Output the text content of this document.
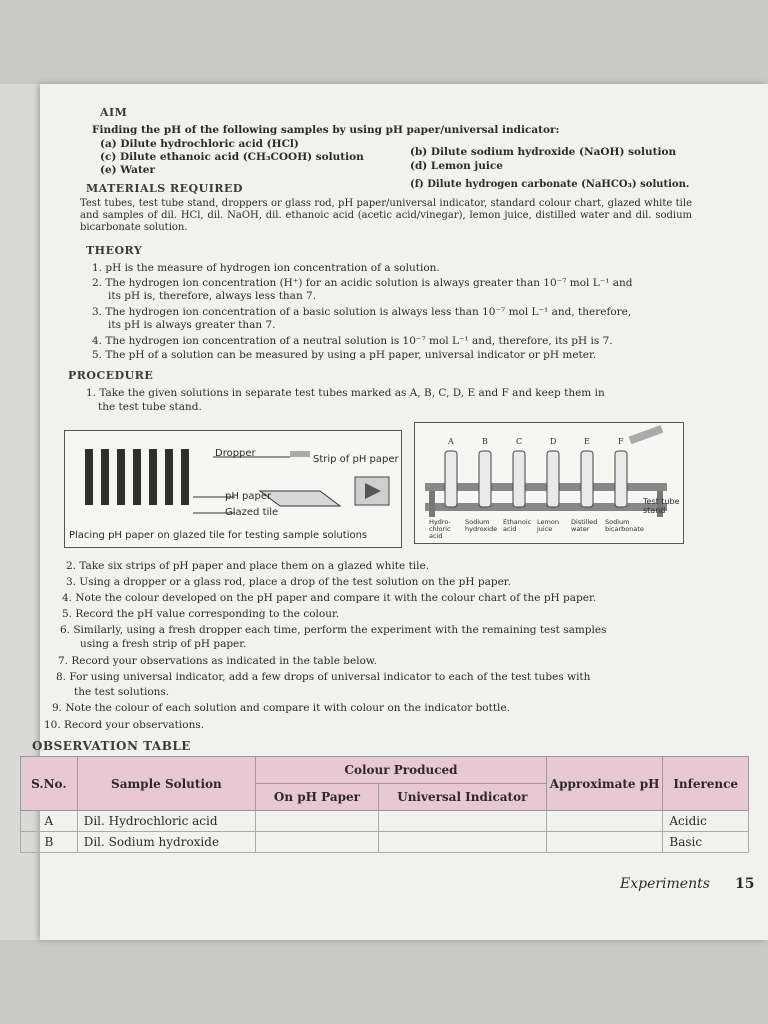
AIM
Finding the pH of the following samples by using pH paper/universal indicator:
(a) Dilute hydrochloric acid (HCl)
(b) Dilute sodium hydroxide (NaOH) solution
(c) Dilute ethanoic acid (CH₃COOH) solution
(d) Lemon juice
(e) Water
(f) Dilute hydrogen carbonate (NaHCO₃) solution.
MATERIALS REQUIRED
Test tubes, test tube stand, droppers or glass rod, pH paper/universal indicator, standard colour chart, glazed white tile and samples of dil. HCl, dil. NaOH, dil. ethanoic acid (acetic acid/vinegar), lemon juice, distilled water and dil. sodium bicarbonate solution.
THEORY
1. pH is the measure of hydrogen ion concentration of a solution.
2. The hydrogen ion concentration (H⁺) for an acidic solution is always greater than 10⁻⁷ mol L⁻¹ and
its pH is, therefore, always less than 7.
3. The hydrogen ion concentration of a basic solution is always less than 10⁻⁷ mol L⁻¹ and, therefore,
its pH is always greater than 7.
4. The hydrogen ion concentration of a neutral solution is 10⁻⁷ mol L⁻¹ and, therefore, its pH is 7.
5. The pH of a solution can be measured by using a pH paper, universal indicator or pH meter.
PROCEDURE
1. Take the given solutions in separate test tubes marked as A, B, C, D, E and F and keep them in
the test tube stand.
Dropper
Strip of pH paper
pH paper
Glazed tile
Placing pH paper on glazed tile for testing sample solutions
A	B	C	D	E	F
Test tube stand
Hydro-chloric acid
Sodium hydroxide
Ethanoic acid
Lemon juice
Distilled water
Sodium bicarbonate
2. Take six strips of pH paper and place them on a glazed white tile.
3. Using a dropper or a glass rod, place a drop of the test solution on the pH paper.
4. Note the colour developed on the pH paper and compare it with the colour chart of the pH paper.
5. Record the pH value corresponding to the colour.
6. Similarly, using a fresh dropper each time, perform the experiment with the remaining test samples
using a fresh strip of pH paper.
7. Record your observations as indicated in the table below.
8. For using universal indicator, add a few drops of universal indicator to each of the test tubes with
the test solutions.
9. Note the colour of each solution and compare it with colour on the indicator bottle.
10. Record your observations.
OBSERVATION TABLE
S.No.	Sample Solution	Colour Produced		Approximate pH	Inference
		On pH Paper	Universal Indicator		
A	Dil. Hydrochloric acid				Acidic
B	Dil. Sodium hydroxide				Basic
Experiments 15
